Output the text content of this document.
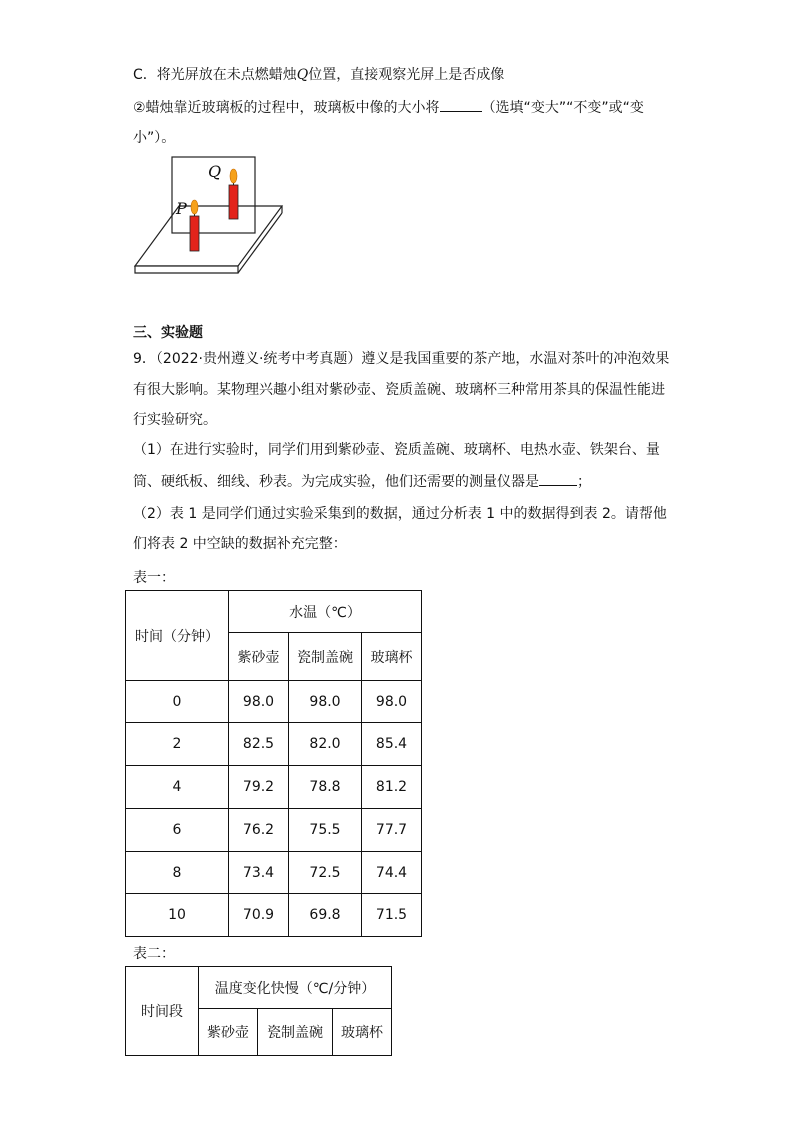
C．将光屏放在未点燃蜡烛Q位置，直接观察光屏上是否成像
②蜡烛靠近玻璃板的过程中，玻璃板中像的大小将	（选填“变大”“不变”或“变
小”）。
Q
P
三、实验题
9．（2022·贵州遵义·统考中考真题）遵义是我国重要的茶产地，水温对茶叶的冲泡效果
有很大影响。某物理兴趣小组对紫砂壶、瓷质盖碗、玻璃杯三种常用茶具的保温性能进
行实验研究。
（1）在进行实验时，同学们用到紫砂壶、瓷质盖碗、玻璃杯、电热水壶、铁架台、量
筒、硬纸板、细线、秒表。为完成实验，他们还需要的测量仪器是	；
（2）表 1 是同学们通过实验采集到的数据，通过分析表 1 中的数据得到表 2。请帮他
们将表 2 中空缺的数据补充完整：
表一：
时间（分钟）	水温（℃）		
	紫砂壶	瓷制盖碗	玻璃杯
0	98.0	98.0	98.0
2	82.5	82.0	85.4
4	79.2	78.8	81.2
6	76.2	75.5	77.7
8	73.4	72.5	74.4
10	70.9	69.8	71.5
表二：
时间段	温度变化快慢（℃/分钟）		
	紫砂壶	瓷制盖碗	玻璃杯
